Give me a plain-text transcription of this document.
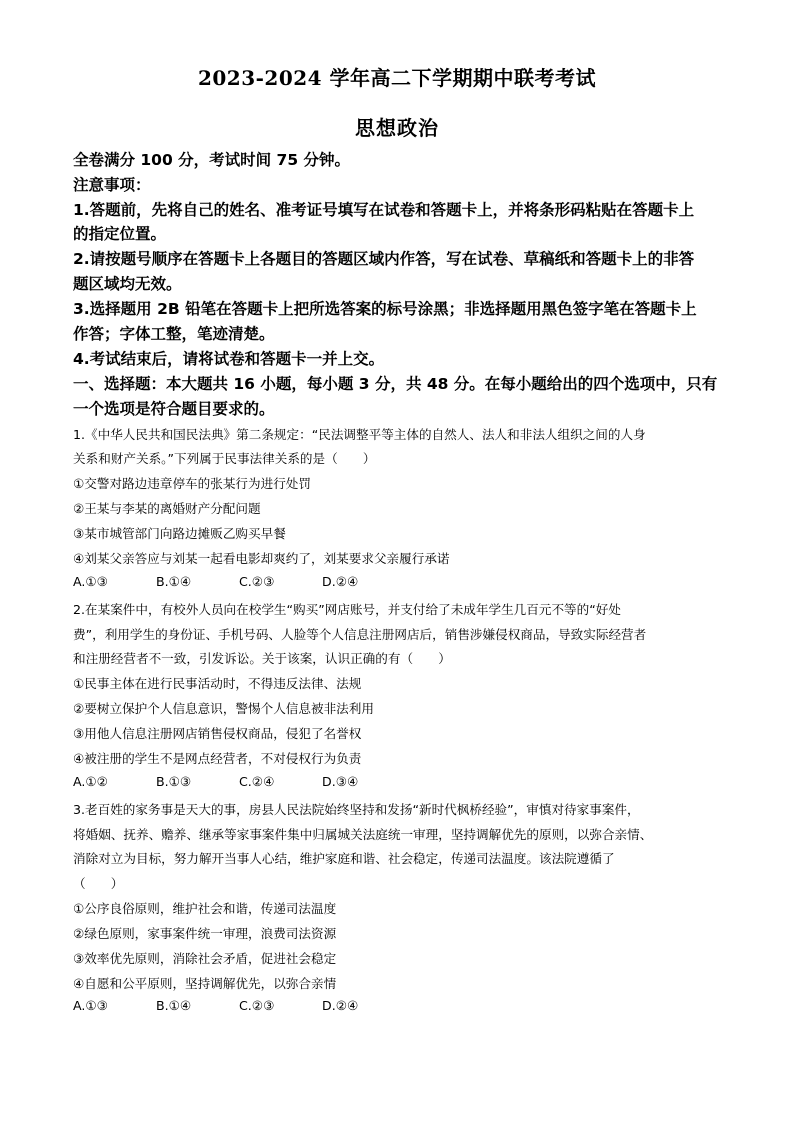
2023-2024 学年高二下学期期中联考考试
思想政治
全卷满分 100 分，考试时间 75 分钟。
注意事项：
1.答题前，先将自己的姓名、准考证号填写在试卷和答题卡上，并将条形码粘贴在答题卡上
的指定位置。
2.请按题号顺序在答题卡上各题目的答题区域内作答，写在试卷、草稿纸和答题卡上的非答
题区域均无效。
3.选择题用 2B 铅笔在答题卡上把所选答案的标号涂黑；非选择题用黑色签字笔在答题卡上
作答；字体工整，笔迹清楚。
4.考试结束后，请将试卷和答题卡一并上交。
一、选择题：本大题共 16 小题，每小题 3 分，共 48 分。在每小题给出的四个选项中，只有
一个选项是符合题目要求的。
1.《中华人民共和国民法典》第二条规定：“民法调整平等主体的自然人、法人和非法人组织之间的人身
关系和财产关系。”下列属于民事法律关系的是（　　）
①交警对路边违章停车的张某行为进行处罚
②王某与李某的离婚财产分配问题
③某市城管部门向路边摊贩乙购买早餐
④刘某父亲答应与刘某一起看电影却爽约了，刘某要求父亲履行承诺
A.①③	B.①④	C.②③	D.②④
2.在某案件中，有校外人员向在校学生“购买”网店账号，并支付给了未成年学生几百元不等的“好处
费”，利用学生的身份证、手机号码、人脸等个人信息注册网店后，销售涉嫌侵权商品，导致实际经营者
和注册经营者不一致，引发诉讼。关于该案，认识正确的有（　　）
①民事主体在进行民事活动时，不得违反法律、法规
②要树立保护个人信息意识，警惕个人信息被非法利用
③用他人信息注册网店销售侵权商品，侵犯了名誉权
④被注册的学生不是网点经营者，不对侵权行为负责
A.①②	B.①③	C.②④	D.③④
3.老百姓的家务事是天大的事，房县人民法院始终坚持和发扬“新时代枫桥经验”，审慎对待家事案件，
将婚姻、抚养、赡养、继承等家事案件集中归属城关法庭统一审理，坚持调解优先的原则，以弥合亲情、
消除对立为目标，努力解开当事人心结，维护家庭和谐、社会稳定，传递司法温度。该法院遵循了
（　　）
①公序良俗原则，维护社会和谐，传递司法温度
②绿色原则，家事案件统一审理，浪费司法资源
③效率优先原则，消除社会矛盾，促进社会稳定
④自愿和公平原则，坚持调解优先，以弥合亲情
A.①③	B.①④	C.②③	D.②④
